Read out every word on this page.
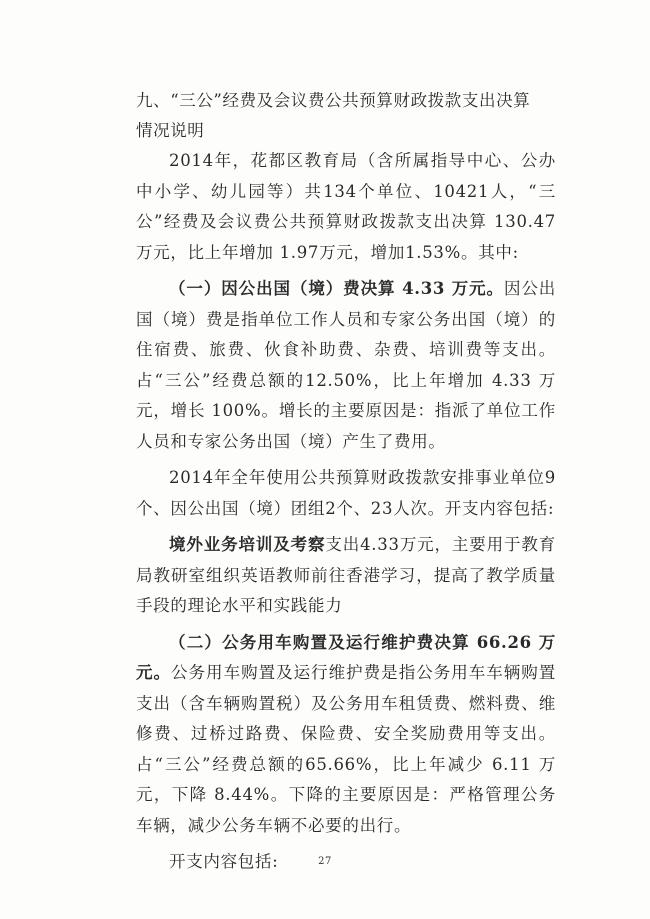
九、“三公”经费及会议费公共预算财政拨款支出决算
情况说明

2014年，花都区教育局（含所属指导中心、公办中小学、幼儿园等）共134个单位、10421人，“三公”经费及会议费公共预算财政拨款支出决算 130.47 万元，比上年增加 1.97万元，增加1.53%。其中:

（一）因公出国（境）费决算 4.33 万元。因公出国（境）费是指单位工作人员和专家公务出国（境）的住宿费、旅费、伙食补助费、杂费、培训费等支出。占“三公”经费总额的12.50%，比上年增加 4.33 万元，增长 100%。增长的主要原因是：指派了单位工作人员和专家公务出国（境）产生了费用。

2014年全年使用公共预算财政拨款安排事业单位9个、因公出国（境）团组2个、23人次。开支内容包括:

境外业务培训及考察支出4.33万元，主要用于教育局教研室组织英语教师前往香港学习，提高了教学质量手段的理论水平和实践能力

（二）公务用车购置及运行维护费决算 66.26 万元。公务用车购置及运行维护费是指公务用车车辆购置支出（含车辆购置税）及公务用车租赁费、燃料费、维修费、过桥过路费、保险费、安全奖励费用等支出。占“三公”经费总额的65.66%，比上年减少 6.11 万元，下降 8.44%。下降的主要原因是：严格管理公务车辆，减少公务车辆不必要的出行。

开支内容包括:	27
